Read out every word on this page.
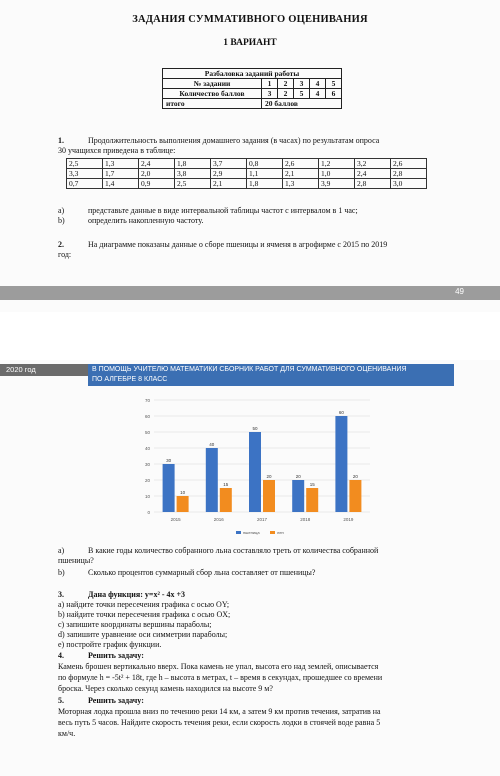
ЗАДАНИЯ СУММАТИВНОГО ОЦЕНИВАНИЯ
1 ВАРИАНТ
Разбаловка заданий работы					
№ задании	1	2	3	4	5
Количество баллов	3	2	5	4	6
итого	20 баллов				
1.	Продолжительность выполнения домашнего задания (в часах) по результатам опроса
30 учащихся приведена в таблице:
2,5	1,3	2,4	1,8	3,7	0,8	2,6	1,2	3,2	2,6
3,3	1,7	2,0	3,8	2,9	1,1	2,1	1,0	2,4	2,8
0,7	1,4	0,9	2,5	2,1	1,8	1,3	3,9	2,8	3,0
a)	представьте данные в виде интервальной таблицы частот с интервалом в 1 час;
b)	определить накопленную частоту.
2.	На диаграмме показаны данные о сборе пшеницы и ячменя в агрофирме с 2015 по 2019
год:
49
2020 год	В ПОМОЩЬ УЧИТЕЛЮ МАТЕМАТИКИ СБОРНИК РАБОТ ДЛЯ СУММАТИВНОГО ОЦЕНИВАНИЯ
ПО АЛГЕБРЕ 8 КЛАСС
0
10
20
30
40
50
60
70
30
10
2015
40
15
2016
50
20
2017
20
15
2018
60
20
2019
пшеница	лен
a)	В какие годы количество собранного льна составляло треть от количества собранной
пшеницы?
b)	Сколько процентов суммарный сбор льна составляет от пшеницы?
3.	Дана функция: y=x² - 4x +3
a) найдите точки пересечения графика с осью OY;
b) найдите точки пересечения графика с осью OX;
c) запишите координаты вершины параболы;
d) запишите уравнение оси симметрии параболы;
e) постройте график функции.
4.	Решить задачу:
Камень брошен вертикально вверх. Пока камень не упал, высота его над землей, описывается
по формуле h = -5t² + 18t, где h – высота в метрах, t – время в секундах, прошедшее со времени
броска. Через сколько секунд камень находился на высоте 9 м?
5.	Решить задачу:
Моторная лодка прошла вниз по течению реки 14 км, а затем 9 км против течения, затратив на
весь путь 5 часов. Найдите скорость течения реки, если скорость лодки в стоячей воде равна 5
км/ч.
